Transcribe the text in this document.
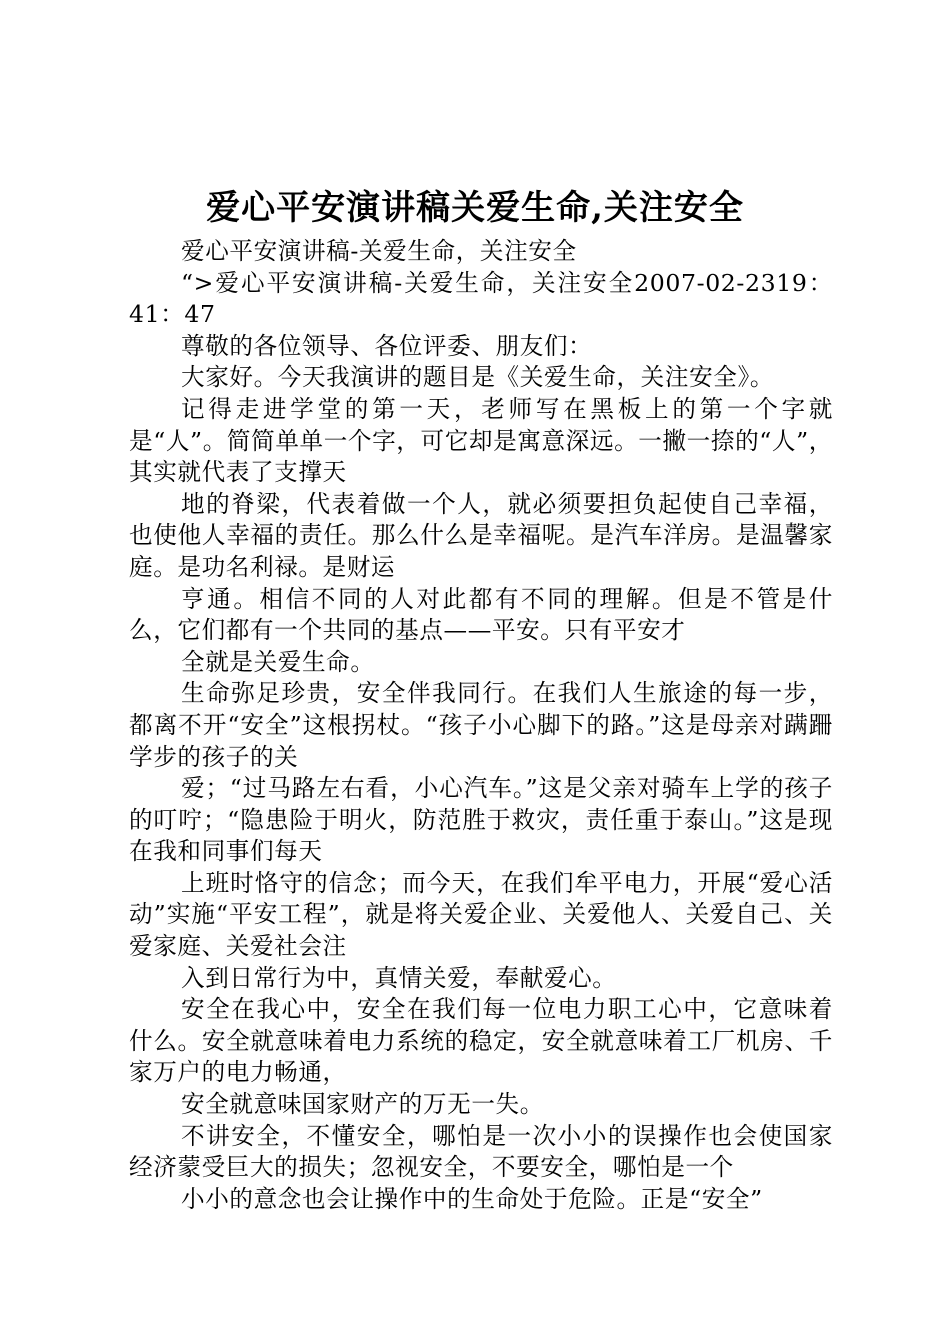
爱心平安演讲稿关爱生命,关注安全

爱心平安演讲稿-关爱生命，关注安全

“>爱心平安演讲稿-关爱生命，关注安全2007-02-2319：41：47

尊敬的各位领导、各位评委、朋友们：

大家好。今天我演讲的题目是《关爱生命，关注安全》。

记得走进学堂的第一天，老师写在黑板上的第一个字就是“人”。简简单单一个字，可它却是寓意深远。一撇一捺的“人”，其实就代表了支撑天

地的脊梁，代表着做一个人，就必须要担负起使自己幸福，也使他人幸福的责任。那么什么是幸福呢。是汽车洋房。是温馨家庭。是功名利禄。是财运

亨通。相信不同的人对此都有不同的理解。但是不管是什么，它们都有一个共同的基点——平安。只有平安才

全就是关爱生命。

生命弥足珍贵，安全伴我同行。在我们人生旅途的每一步，都离不开“安全”这根拐杖。“孩子小心脚下的路。”这是母亲对蹒跚学步的孩子的关

爱；“过马路左右看，小心汽车。”这是父亲对骑车上学的孩子的叮咛；“隐患险于明火，防范胜于救灾，责任重于泰山。”这是现在我和同事们每天

上班时恪守的信念；而今天，在我们牟平电力，开展“爱心活动”实施“平安工程”，就是将关爱企业、关爱他人、关爱自己、关爱家庭、关爱社会注

入到日常行为中，真情关爱，奉献爱心。

安全在我心中，安全在我们每一位电力职工心中，它意味着什么。安全就意味着电力系统的稳定，安全就意味着工厂机房、千家万户的电力畅通，

安全就意味国家财产的万无一失。

不讲安全，不懂安全，哪怕是一次小小的误操作也会使国家经济蒙受巨大的损失；忽视安全，不要安全，哪怕是一个

小小的意念也会让操作中的生命处于危险。正是“安全”
